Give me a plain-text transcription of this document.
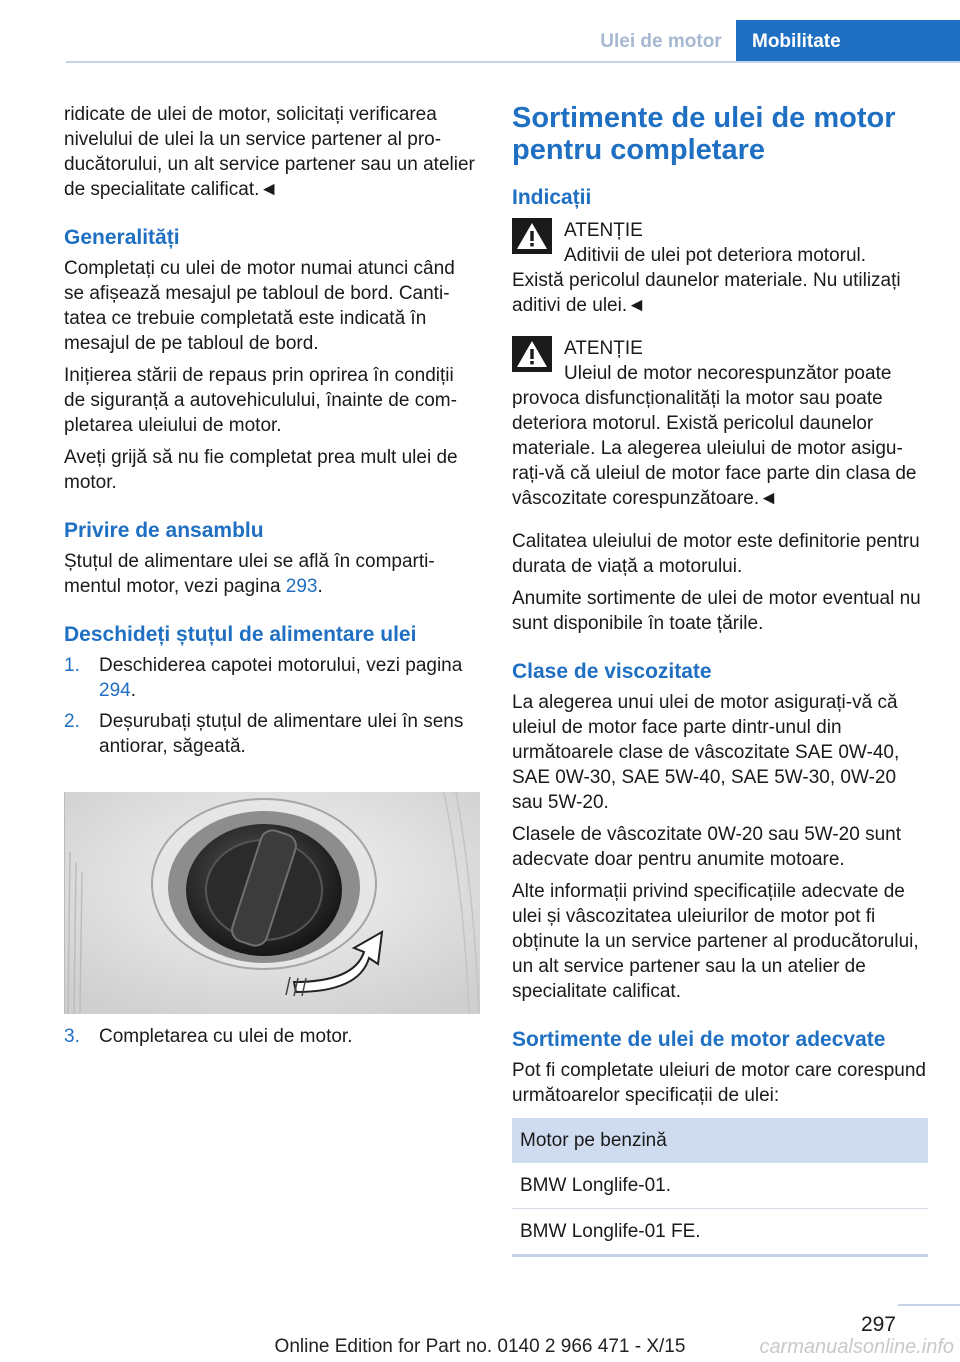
Ulei de motor	Mobilitate

ridicate de ulei de motor, solicitați verificarea nivelului de ulei la un service partener al producătorului, un alt service partener sau un atelier de specialitate calificat.◄

Generalități

Completați cu ulei de motor numai atunci când se afișează mesajul pe tabloul de bord. Cantitatea ce trebuie completată este indicată în mesajul de pe tabloul de bord.

Inițierea stării de repaus prin oprirea în condiții de siguranță a autovehiculului, înainte de completarea uleiului de motor.

Aveți grijă să nu fie completat prea mult ulei de motor.

Privire de ansamblu

Ștuțul de alimentare ulei se află în compartimentul motor, vezi pagina 293.

Deschideți ștuțul de alimentare ulei
1. Deschiderea capotei motorului, vezi pagina 294.
2. Deșurubați ștuțul de alimentare ulei în sens antiorar, săgeată.
3. Completarea cu ulei de motor.
Sortimente de ulei de motor pentru completare
Indicații
ATENȚIE
Aditivii de ulei pot deteriora motorul.
Există pericolul daunelor materiale. Nu utilizați aditivi de ulei.◄
ATENȚIE
Uleiul de motor necorespunzător poate
provoca disfuncționalități la motor sau poate deteriora motorul. Există pericolul daunelor materiale. La alegerea uleiului de motor asigurați-vă că uleiul de motor face parte din clasa de vâscozitate corespunzătoare.◄

Calitatea uleiului de motor este definitorie pentru durata de viață a motorului.

Anumite sortimente de ulei de motor eventual nu sunt disponibile în toate țările.

Clase de viscozitate

La alegerea unui ulei de motor asigurați-vă că uleiul de motor face parte dintr-unul din următoarele clase de vâscozitate SAE 0W-40, SAE 0W-30, SAE 5W-40, SAE 5W-30, 0W-20 sau 5W-20.

Clasele de vâscozitate 0W-20 sau 5W-20 sunt adecvate doar pentru anumite motoare.

Alte informații privind specificațiile adecvate de ulei și vâscozitatea uleiurilor de motor pot fi obținute la un service partener al producătorului, un alt service partener sau la un atelier de specialitate calificat.

Sortimente de ulei de motor adecvate

Pot fi completate uleiuri de motor care corespund următoarelor specificații de ulei:

Motor pe benzină
BMW Longlife-01.
BMW Longlife-01 FE.
297
Online Edition for Part no. 0140 2 966 471 - X/15	carmanualsonline.info
